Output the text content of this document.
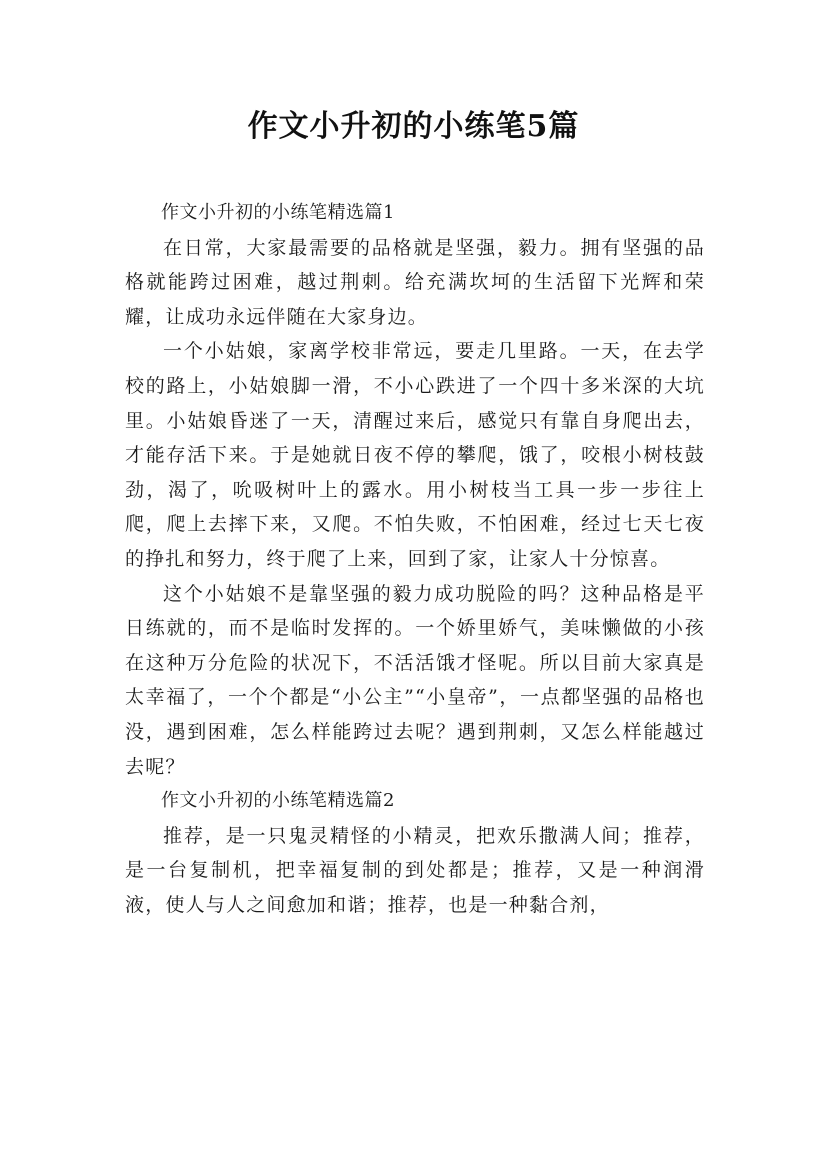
作文小升初的小练笔5篇

作文小升初的小练笔精选篇1

在日常，大家最需要的品格就是坚强，毅力。拥有坚强的品格就能跨过困难，越过荆刺。给充满坎坷的生活留下光辉和荣耀，让成功永远伴随在大家身边。

一个小姑娘，家离学校非常远，要走几里路。一天，在去学校的路上，小姑娘脚一滑，不小心跌进了一个四十多米深的大坑里。小姑娘昏迷了一天，清醒过来后，感觉只有靠自身爬出去，才能存活下来。于是她就日夜不停的攀爬，饿了，咬根小树枝鼓劲，渴了，吮吸树叶上的露水。用小树枝当工具一步一步往上爬，爬上去摔下来，又爬。不怕失败，不怕困难，经过七天七夜的挣扎和努力，终于爬了上来，回到了家，让家人十分惊喜。

这个小姑娘不是靠坚强的毅力成功脱险的吗？这种品格是平日练就的，而不是临时发挥的。一个娇里娇气，美味懒做的小孩在这种万分危险的状况下，不活活饿才怪呢。所以目前大家真是太幸福了，一个个都是“小公主”“小皇帝”，一点都坚强的品格也没，遇到困难，怎么样能跨过去呢？遇到荆刺，又怎么样能越过去呢？

作文小升初的小练笔精选篇2

推荐，是一只鬼灵精怪的小精灵，把欢乐撒满人间；推荐，是一台复制机，把幸福复制的到处都是；推荐，又是一种润滑液，使人与人之间愈加和谐；推荐，也是一种黏合剂，
